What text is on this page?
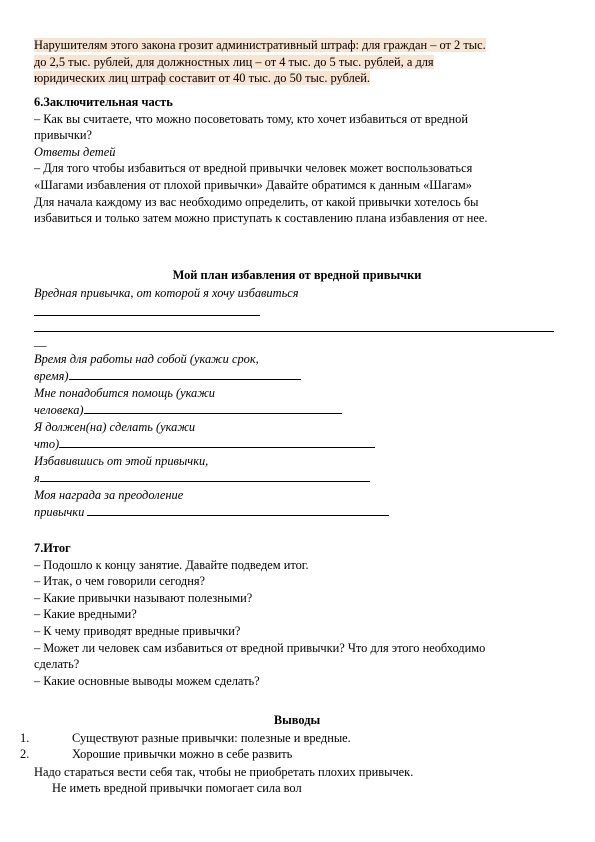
Нарушителям этого закона грозит административный штраф: для граждан – от 2 тыс.
до 2,5 тыс. рублей, для должностных лиц – от 4 тыс. до 5 тыс. рублей, а для
юридических лиц штраф составит от 40 тыс. до 50 тыс. рублей.
6.Заключительная часть
– Как вы считаете, что можно посоветовать тому, кто хочет избавиться от вредной
привычки?
Ответы детей
– Для того чтобы избавиться от вредной привычки человек может воспользоваться
«Шагами избавления от плохой привычки» Давайте обратимся к данным «Шагам»
Для начала каждому из вас необходимо определить, от какой привычки хотелось бы
избавиться и только затем можно приступать к составлению плана избавления от нее.
Мой план избавления от вредной привычки
Вредная привычка, от которой я хочу избавиться
__
Время для работы над собой (укажи срок,
время)
Мне понадобится помощь (укажи
человека)
Я должен(на) сделать (укажи
что)
Избавившись от этой привычки,
я
Моя награда за преодоление
привычки
7.Итог
– Подошло к концу занятие. Давайте подведем итог.
– Итак, о чем говорили сегодня?
– Какие привычки называют полезными?
– Какие вредными?
– К чему приводят вредные привычки?
– Может ли человек сам избавиться от вредной привычки? Что для этого необходимо
сделать?
– Какие основные выводы можем сделать?
Выводы
1.	Существуют разные привычки: полезные и вредные.
2.	Хорошие привычки можно в себе развить
Надо стараться вести себя так, чтобы не приобретать плохих привычек.
Не иметь вредной привычки помогает сила вол
